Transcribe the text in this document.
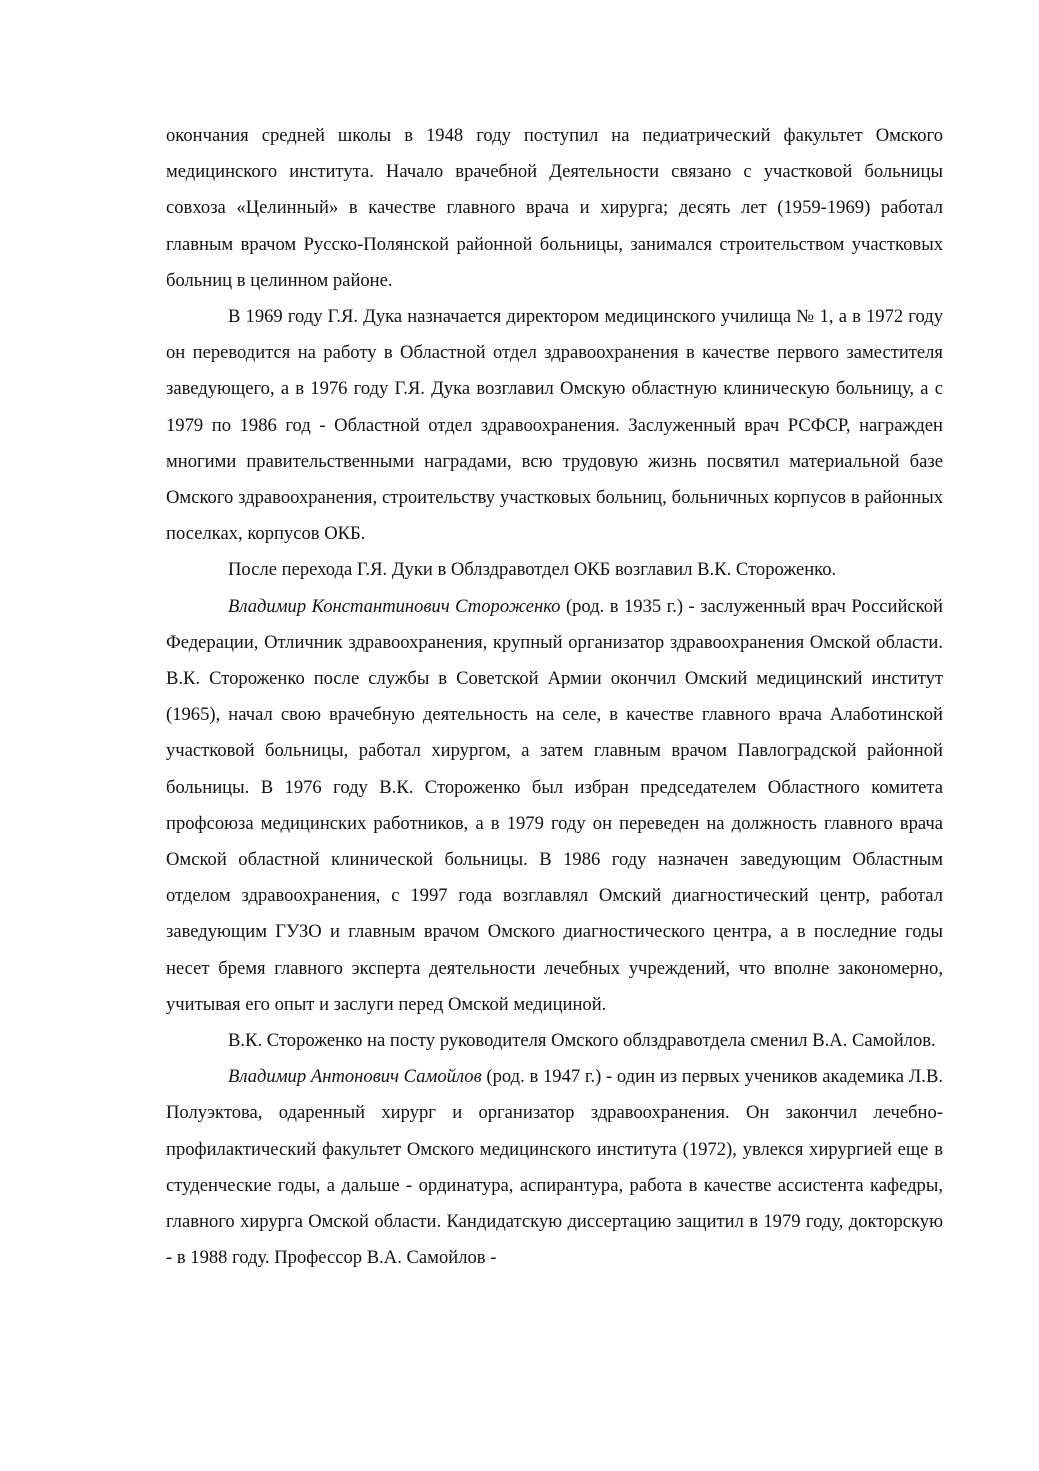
окончания средней школы в 1948 году поступил на педиатрический факультет Омского медицинского института. Начало врачебной Деятельности связано с участковой больницы совхоза «Целинный» в качестве главного врача и хирурга; десять лет (1959-1969) работал главным врачом Русско-Полянской районной больницы, занимался строительством участковых больниц в целинном районе.

В 1969 году Г.Я. Дука назначается директором медицинского училища № 1, а в 1972 году он переводится на работу в Областной отдел здравоохранения в качестве первого заместителя заведующего, а в 1976 году Г.Я. Дука возглавил Омскую областную клиническую больницу, а с 1979 по 1986 год - Областной отдел здравоохранения. Заслуженный врач РСФСР, награжден многими правительственными наградами, всю трудовую жизнь посвятил материальной базе Омского здравоохранения, строительству участковых больниц, больничных корпусов в районных поселках, корпусов ОКБ.

После перехода Г.Я. Дуки в Облздравотдел ОКБ возглавил В.К. Стороженко.

Владимир Константинович Стороженко (род. в 1935 г.) - заслуженный врач Российской Федерации, Отличник здравоохранения, крупный организатор здравоохранения Омской области. В.К. Стороженко после службы в Советской Армии окончил Омский медицинский институт (1965), начал свою врачебную деятельность на селе, в качестве главного врача Алаботинской участковой больницы, работал хирургом, а затем главным врачом Павлоградской районной больницы. В 1976 году В.К. Стороженко был избран председателем Областного комитета профсоюза медицинских работников, а в 1979 году он переведен на должность главного врача Омской областной клинической больницы. В 1986 году назначен заведующим Областным отделом здравоохранения, с 1997 года возглавлял Омский диагностический центр, работал заведующим ГУЗО и главным врачом Омского диагностического центра, а в последние годы несет бремя главного эксперта деятельности лечебных учреждений, что вполне закономерно, учитывая его опыт и заслуги перед Омской медициной.

В.К. Стороженко на посту руководителя Омского облздравотдела сменил В.А. Самойлов.

Владимир Антонович Самойлов (род. в 1947 г.) - один из первых учеников академика Л.В. Полуэктова, одаренный хирург и организатор здравоохранения. Он закончил лечебно-профилактический факультет Омского медицинского института (1972), увлекся хирургией еще в студенческие годы, а дальше - ординатура, аспирантура, работа в качестве ассистента кафедры, главного хирурга Омской области. Кандидатскую диссертацию защитил в 1979 году, докторскую - в 1988 году. Профессор В.А. Самойлов -
